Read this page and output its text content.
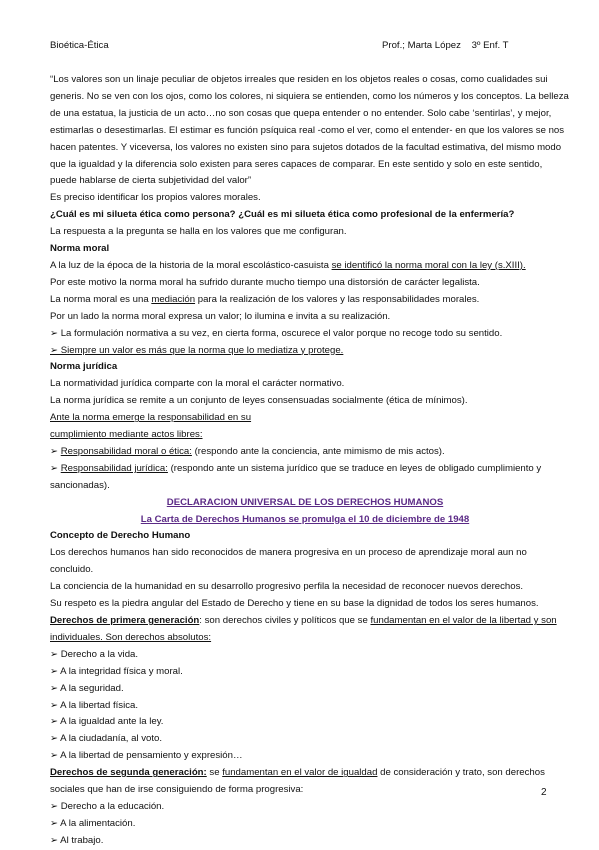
Bioética-Ética	Prof.; Marta López    3º Enf. T
“Los valores son un linaje peculiar de objetos irreales que residen en los objetos reales o cosas, como cualidades sui
generis. No se ven con los ojos, como los colores, ni siquiera se entienden, como los números y los conceptos. La belleza
de una estatua, la justicia de un acto…no son cosas que quepa entender o no entender. Solo cabe ‘sentirlas’, y mejor,
estimarlas o desestimarlas. El estimar es función psíquica real -como el ver, como el entender- en que los valores se nos
hacen patentes. Y viceversa, los valores no existen sino para sujetos dotados de la facultad estimativa, del mismo modo
que la igualdad y la diferencia solo existen para seres capaces de comparar. En este sentido y solo en este sentido,
puede hablarse de cierta subjetividad del valor”
Es preciso identificar los propios valores morales.
¿Cuál es mi silueta ética como persona? ¿Cuál es mi silueta ética como profesional de la enfermería?
La respuesta a la pregunta se halla en los valores que me configuran.
Norma moral
A la luz de la época de la historia de la moral escolástico-casuista se identificó la norma moral con la ley (s.XIII).
Por este motivo la norma moral ha sufrido durante mucho tiempo una distorsión de carácter legalista.
La norma moral es una mediación para la realización de los valores y las responsabilidades morales.
Por un lado la norma moral expresa un valor; lo ilumina e invita a su realización.
➢ La formulación normativa a su vez, en cierta forma, oscurece el valor porque no recoge todo su sentido.
➢ Siempre un valor es más que la norma que lo mediatiza y protege.
Norma jurídica
La normatividad jurídica comparte con la moral el carácter normativo.
La norma jurídica se remite a un conjunto de leyes consensuadas socialmente (ética de mínimos).
Ante la norma emerge la responsabilidad en su
cumplimiento mediante actos libres:
➢ Responsabilidad moral o ética: (respondo ante la conciencia, ante mimismo de mis actos).
➢ Responsabilidad jurídica: (respondo ante un sistema jurídico que se traduce en leyes de obligado cumplimiento y
sancionadas).
DECLARACION UNIVERSAL DE LOS DERECHOS HUMANOS
La Carta de Derechos Humanos se promulga el 10 de diciembre de 1948
Concepto de Derecho Humano
Los derechos humanos han sido reconocidos de manera progresiva en un proceso de aprendizaje moral aun no
concluido.
La conciencia de la humanidad en su desarrollo progresivo perfila la necesidad de reconocer nuevos derechos.
Su respeto es la piedra angular del Estado de Derecho y tiene en su base la dignidad de todos los seres humanos.
Derechos de primera generación: son derechos civiles y políticos que se fundamentan en el valor de la libertad y son
individuales. Son derechos absolutos:
➢ Derecho a la vida.
➢ A la integridad física y moral.
➢ A la seguridad.
➢ A la libertad física.
➢ A la igualdad ante la ley.
➢ A la ciudadanía, al voto.
➢ A la libertad de pensamiento y expresión…
Derechos de segunda generación: se fundamentan en el valor de igualdad de consideración y trato, son derechos
sociales que han de irse consiguiendo de forma progresiva:
➢ Derecho a la educación.
➢ A la alimentación.
➢ Al trabajo.
2
